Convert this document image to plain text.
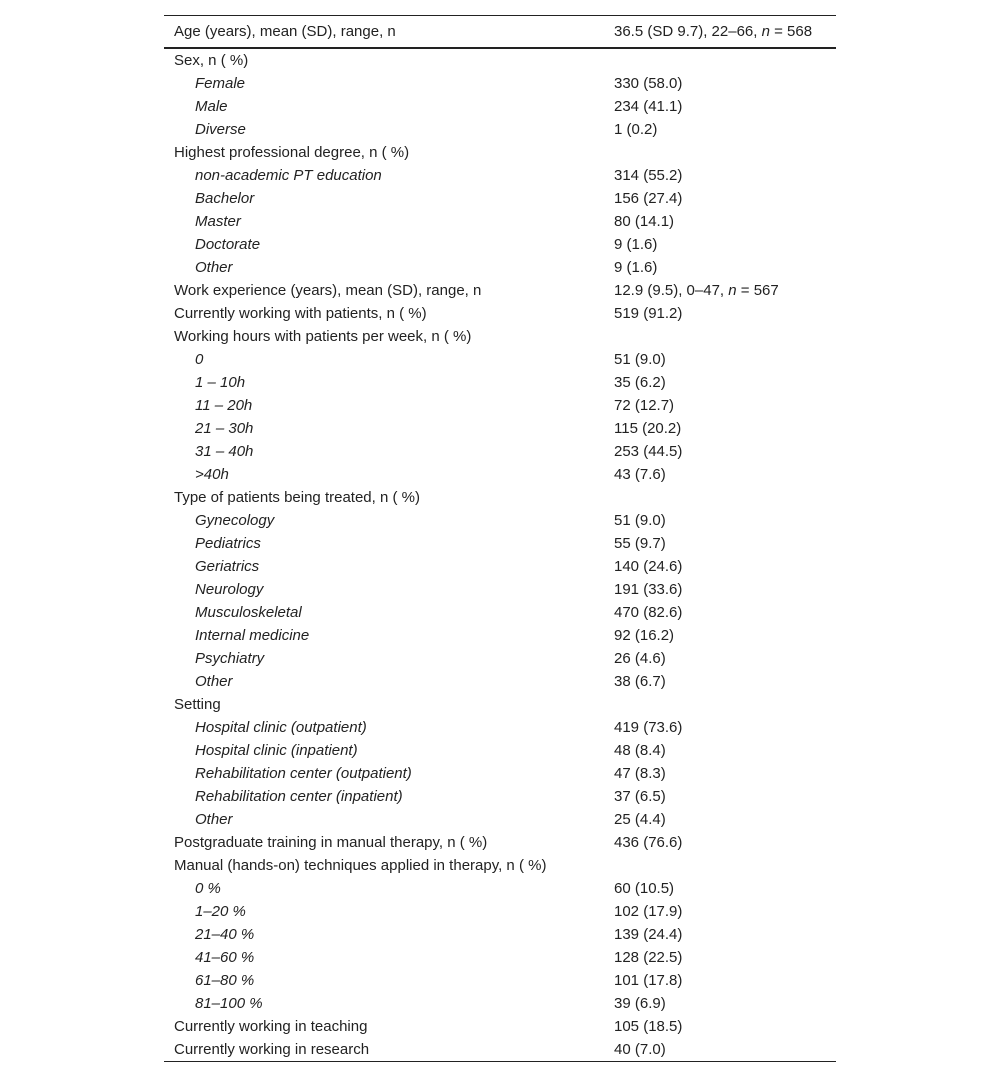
Age (years), mean (SD), range, n	36.5 (SD 9.7), 22–66, n = 568
Sex, n ( %)	
Female	330 (58.0)
Male	234 (41.1)
Diverse	1 (0.2)
Highest professional degree, n ( %)	
non-academic PT education	314 (55.2)
Bachelor	156 (27.4)
Master	80 (14.1)
Doctorate	9 (1.6)
Other	9 (1.6)
Work experience (years), mean (SD), range, n	12.9 (9.5), 0–47, n = 567
Currently working with patients, n ( %)	519 (91.2)
Working hours with patients per week, n ( %)	
0	51 (9.0)
1 – 10h	35 (6.2)
11 – 20h	72 (12.7)
21 – 30h	115 (20.2)
31 – 40h	253 (44.5)
>40h	43 (7.6)
Type of patients being treated, n ( %)	
Gynecology	51 (9.0)
Pediatrics	55 (9.7)
Geriatrics	140 (24.6)
Neurology	191 (33.6)
Musculoskeletal	470 (82.6)
Internal medicine	92 (16.2)
Psychiatry	26 (4.6)
Other	38 (6.7)
Setting	
Hospital clinic (outpatient)	419 (73.6)
Hospital clinic (inpatient)	48 (8.4)
Rehabilitation center (outpatient)	47 (8.3)
Rehabilitation center (inpatient)	37 (6.5)
Other	25 (4.4)
Postgraduate training in manual therapy, n ( %)	436 (76.6)
Manual (hands-on) techniques applied in therapy, n ( %)	
0 %	60 (10.5)
1–20 %	102 (17.9)
21–40 %	139 (24.4)
41–60 %	128 (22.5)
61–80 %	101 (17.8)
81–100 %	39 (6.9)
Currently working in teaching	105 (18.5)
Currently working in research	40 (7.0)
